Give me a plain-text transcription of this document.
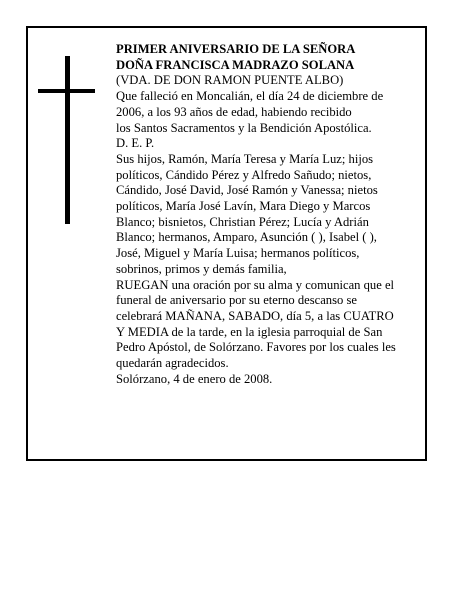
PRIMER ANIVERSARIO DE LA SEÑORA
DOÑA FRANCISCA MADRAZO SOLANA
(VDA. DE DON RAMON PUENTE ALBO)
Que falleció en Moncalián, el día 24 de diciembre de
2006, a los 93 años de edad, habiendo recibido
los Santos Sacramentos y la Bendición Apostólica.
D. E. P.
Sus hijos, Ramón, María Teresa y María Luz; hijos
políticos, Cándido Pérez y Alfredo Sañudo; nietos,
Cándido, José David, José Ramón y Vanessa; nietos
políticos, María José Lavín, Mara Diego y Marcos
Blanco; bisnietos, Christian Pérez; Lucía y Adrián
Blanco; hermanos, Amparo, Asunción ( ), Isabel ( ),
José, Miguel y María Luisa; hermanos políticos,
sobrinos, primos y demás familia,
RUEGAN una oración por su alma y comunican que el
funeral de aniversario por su eterno descanso se
celebrará MAÑANA, SABADO, día 5, a las CUATRO
Y MEDIA de la tarde, en la iglesia parroquial de San
Pedro Apóstol, de Solórzano. Favores por los cuales les
quedarán agradecidos.
Solórzano, 4 de enero de 2008.
